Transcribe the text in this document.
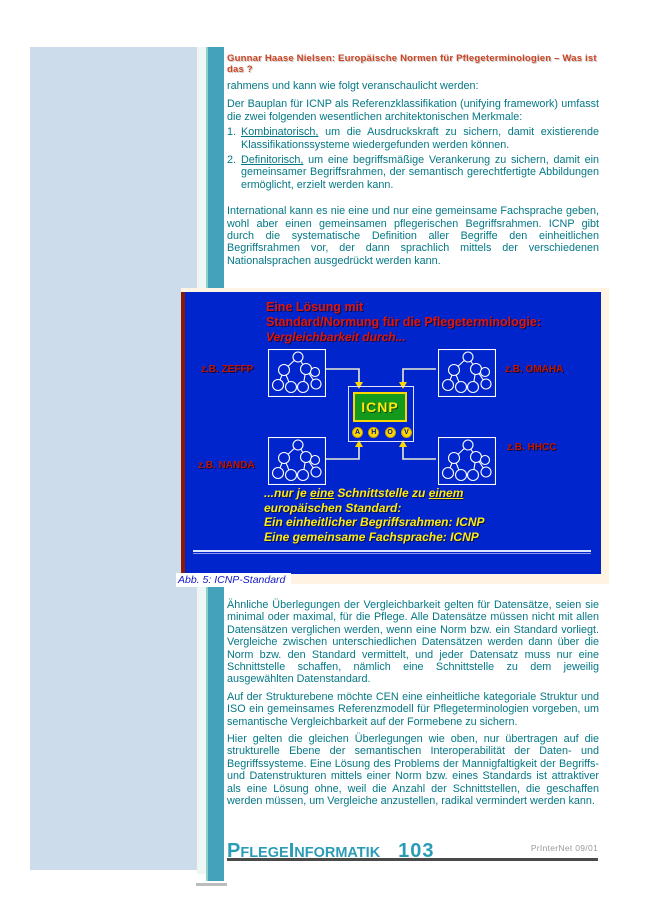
Gunnar Haase Nielsen: Europäische Normen für Pflegeterminologien – Was ist das ?

rahmens und kann wie folgt veranschaulicht werden:

Der Bauplan für ICNP als Referenzklassifikation (unifying framework) umfasst die zwei folgenden wesentlichen architektonischen Merkmale:

1. Kombinatorisch, um die Ausdruckskraft zu sichern, damit existierende Klassifikationssysteme wiedergefunden werden können.
2. Definitorisch, um eine begriffsmäßige Verankerung zu sichern, damit ein gemeinsamer Begriffsrahmen, der semantisch gerechtfertigte Abbildungen ermöglicht, erzielt werden kann.

International kann es nie eine und nur eine gemeinsame Fachsprache geben, wohl aber einen gemeinsamen pflegerischen Begriffsrahmen. ICNP gibt durch die systematische Definition aller Begriffe den einheitlichen Begriffsrahmen vor, der dann sprachlich mittels der verschiedenen Nationalsprachen ausgedrückt werden kann.

Eine Lösung mit
Standard/Normung für die Pflegeterminologie:
Vergleichbarkeit durch...
z.B. ZEFFP	z.B. OMAHA
z.B. NANDA
z.B. HHCC
ICNP
A	H	O	V
...nur je eine Schnittstelle zu einem
europäischen Standard:
Ein einheitlicher Begriffsrahmen: ICNP
Eine gemeinsame Fachsprache: ICNP
Abb. 5: ICNP-Standard

Ähnliche Überlegungen der Vergleichbarkeit gelten für Datensätze, seien sie minimal oder maximal, für die Pflege. Alle Datensätze müssen nicht mit allen Datensätzen verglichen werden, wenn eine Norm bzw. ein Standard vorliegt. Vergleiche zwischen unterschiedlichen Datensätzen werden dann über die Norm bzw. den Standard vermittelt, und jeder Datensatz muss nur eine Schnittstelle schaffen, nämlich eine Schnittstelle zu dem jeweilig ausgewählten Datenstandard.

Auf der Strukturebene möchte CEN eine einheitliche kategoriale Struktur und ISO ein gemeinsames Referenzmodell für Pflegeterminologien vorgeben, um semantische Vergleichbarkeit auf der Formebene zu sichern.

Hier gelten die gleichen Überlegungen wie oben, nur übertragen auf die strukturelle Ebene der semantischen Interoperabilität der Daten- und Begriffssysteme. Eine Lösung des Problems der Mannigfaltigkeit der Begriffs- und Datenstrukturen mittels einer Norm bzw. eines Standards ist attraktiver als eine Lösung ohne, weil die Anzahl der Schnittstellen, die geschaffen werden müssen, um Vergleiche anzustellen, radikal vermindert werden kann.

PFLEGEINFORMATIK 103	PrInterNet 09/01
